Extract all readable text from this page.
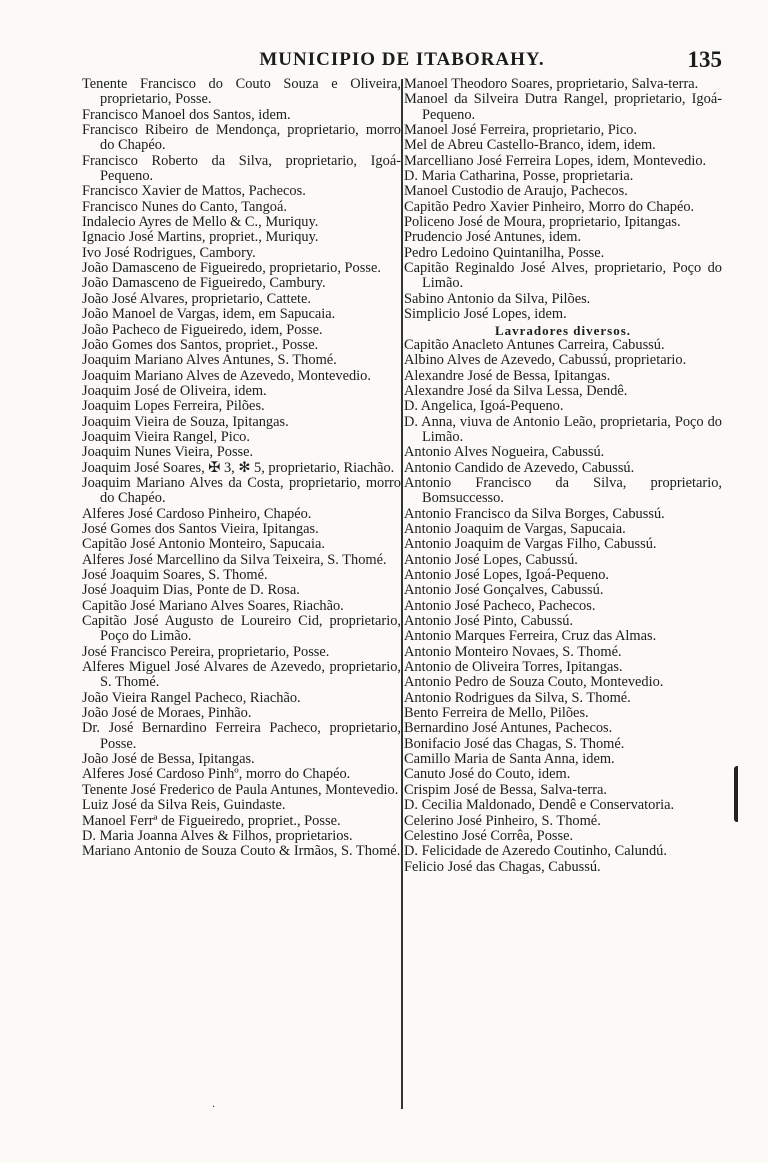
MUNICIPIO DE ITABORAHY.	135
Tenente Francisco do Couto Souza e Oliveira, proprietario, Posse.
Francisco Manoel dos Santos, idem.
Francisco Ribeiro de Mendonça, proprietario, morro do Chapéo.
Francisco Roberto da Silva, proprietario, Igoá-Pequeno.
Francisco Xavier de Mattos, Pachecos.
Francisco Nunes do Canto, Tangoá.
Indalecio Ayres de Mello & C., Muriquy.
Ignacio José Martins, propriet., Muriquy.
Ivo José Rodrigues, Cambory.
João Damasceno de Figueiredo, proprietario, Posse.
João Damasceno de Figueiredo, Cambury.
João José Alvares, proprietario, Cattete.
João Manoel de Vargas, idem, em Sapucaia.
João Pacheco de Figueiredo, idem, Posse.
João Gomes dos Santos, propriet., Posse.
Joaquim Mariano Alves Antunes, S. Thomé.
Joaquim Mariano Alves de Azevedo, Montevedio.
Joaquim José de Oliveira, idem.
Joaquim Lopes Ferreira, Pilões.
Joaquim Vieira de Souza, Ipitangas.
Joaquim Vieira Rangel, Pico.
Joaquim Nunes Vieira, Posse.
Joaquim José Soares, ✠ 3, ✻ 5, proprietario, Riachão.
Joaquim Mariano Alves da Costa, proprietario, morro do Chapéo.
Alferes José Cardoso Pinheiro, Chapéo.
José Gomes dos Santos Vieira, Ipitangas.
Capitão José Antonio Monteiro, Sapucaia.
Alferes José Marcellino da Silva Teixeira, S. Thomé.
José Joaquim Soares, S. Thomé.
José Joaquim Dias, Ponte de D. Rosa.
Capitão José Mariano Alves Soares, Riachão.
Capitão José Augusto de Loureiro Cid, proprietario, Poço do Limão.
José Francisco Pereira, proprietario, Posse.
Alferes Miguel José Alvares de Azevedo, proprietario, S. Thomé.
João Vieira Rangel Pacheco, Riachão.
João José de Moraes, Pinhão.
Dr. José Bernardino Ferreira Pacheco, proprietario, Posse.
João José de Bessa, Ipitangas.
Alferes José Cardoso Pinhº, morro do Chapéo.
Tenente José Frederico de Paula Antunes, Montevedio.
Luiz José da Silva Reis, Guindaste.
Manoel Ferrª de Figueiredo, propriet., Posse.
D. Maria Joanna Alves & Filhos, proprietarios.
Mariano Antonio de Souza Couto & Irmãos, S. Thomé.
Manoel Theodoro Soares, proprietario, Salva-terra.
Manoel da Silveira Dutra Rangel, proprietario, Igoá-Pequeno.
Manoel José Ferreira, proprietario, Pico.
Mel de Abreu Castello-Branco, idem, idem.
Marcelliano José Ferreira Lopes, idem, Montevedio.
D. Maria Catharina, Posse, proprietaria.
Manoel Custodio de Araujo, Pachecos.
Capitão Pedro Xavier Pinheiro, Morro do Chapéo.
Policeno José de Moura, proprietario, Ipitangas.
Prudencio José Antunes, idem.
Pedro Ledoino Quintanilha, Posse.
Capitão Reginaldo José Alves, proprietario, Poço do Limão.
Sabino Antonio da Silva, Pilões.
Simplicio José Lopes, idem.
Lavradores diversos.
Capitão Anacleto Antunes Carreira, Cabussú.
Albino Alves de Azevedo, Cabussú, proprietario.
Alexandre José de Bessa, Ipitangas.
Alexandre José da Silva Lessa, Dendê.
D. Angelica, Igoá-Pequeno.
D. Anna, viuva de Antonio Leão, proprietaria, Poço do Limão.
Antonio Alves Nogueira, Cabussú.
Antonio Candido de Azevedo, Cabussú.
Antonio Francisco da Silva, proprietario, Bomsuccesso.
Antonio Francisco da Silva Borges, Cabussú.
Antonio Joaquim de Vargas, Sapucaia.
Antonio Joaquim de Vargas Filho, Cabussú.
Antonio José Lopes, Cabussú.
Antonio José Lopes, Igoá-Pequeno.
Antonio José Gonçalves, Cabussú.
Antonio José Pacheco, Pachecos.
Antonio José Pinto, Cabussú.
Antonio Marques Ferreira, Cruz das Almas.
Antonio Monteiro Novaes, S. Thomé.
Antonio de Oliveira Torres, Ipitangas.
Antonio Pedro de Souza Couto, Montevedio.
Antonio Rodrigues da Silva, S. Thomé.
Bento Ferreira de Mello, Pilões.
Bernardino José Antunes, Pachecos.
Bonifacio José das Chagas, S. Thomé.
Camillo Maria de Santa Anna, idem.
Canuto José do Couto, idem.
Crispim José de Bessa, Salva-terra.
D. Cecilia Maldonado, Dendê e Conservatoria.
Celerino José Pinheiro, S. Thomé.
Celestino José Corrêa, Posse.
D. Felicidade de Azeredo Coutinho, Calundú.
Felicio José das Chagas, Cabussú.
·
